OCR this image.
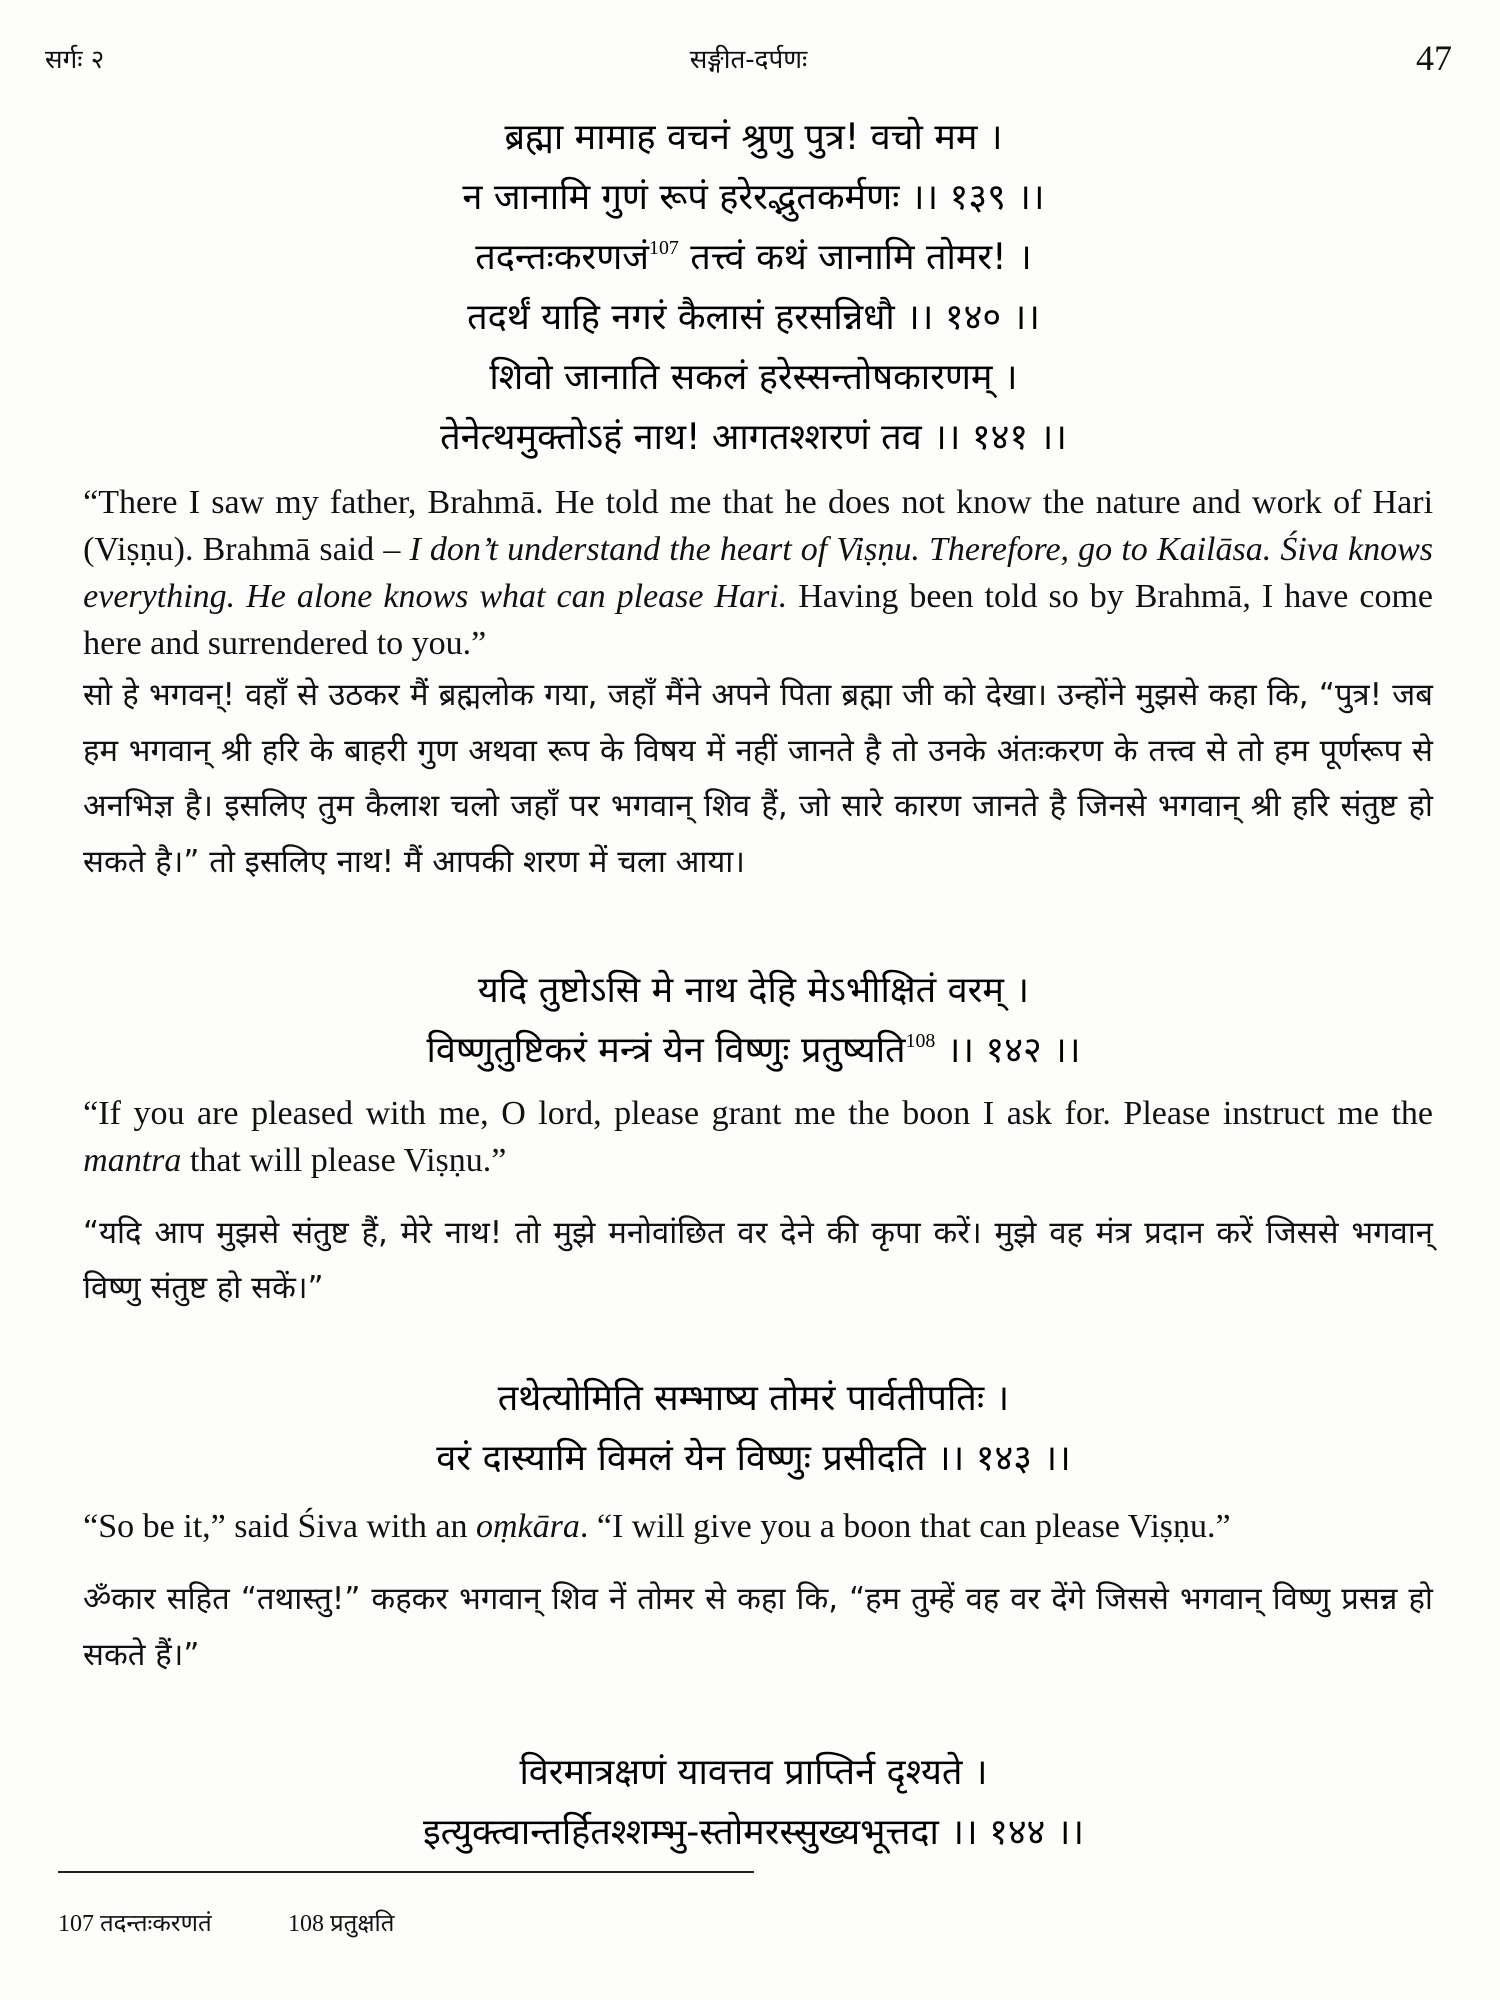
सर्गः २	सङ्गीत-दर्पणः	47
ब्रह्मा मामाह वचनं श्रुणु पुत्र! वचो मम ।
न जानामि गुणं रूपं हरेरद्भुतकर्मणः ।। १३९ ।।
तदन्तःकरणजं$^{107}$ तत्त्वं कथं जानामि तोमर! ।
तदर्थं याहि नगरं कैलासं हरसन्निधौ ।। १४० ।।
शिवो जानाति सकलं हरेस्सन्तोषकारणम् ।
तेनेत्थमुक्तोऽहं नाथ! आगतश्शरणं तव ।। १४१ ।।

“There I saw my father, Brahmā. He told me that he does not know the nature and work of Hari (Viṣṇu). Brahmā said – I don’t understand the heart of Viṣṇu. Therefore, go to Kailāsa. Śiva knows everything. He alone knows what can please Hari. Having been told so by Brahmā, I have come here and surrendered to you.”

सो हे भगवन्! वहाँ से उठकर मैं ब्रह्मलोक गया, जहाँ मैंने अपने पिता ब्रह्मा जी को देखा। उन्होंने मुझसे कहा कि, “पुत्र! जब हम भगवान् श्री हरि के बाहरी गुण अथवा रूप के विषय में नहीं जानते है तो उनके अंतःकरण के तत्त्व से तो हम पूर्णरूप से अनभिज्ञ है। इसलिए तुम कैलाश चलो जहाँ पर भगवान् शिव हैं, जो सारे कारण जानते है जिनसे भगवान् श्री हरि संतुष्ट हो सकते है।” तो इसलिए नाथ! मैं आपकी शरण में चला आया।

यदि तुष्टोऽसि मे नाथ देहि मेऽभीक्षितं वरम् ।
विष्णुतुष्टिकरं मन्त्रं येन विष्णुः प्रतुष्यति$^{108}$ ।। १४२ ।।

“If you are pleased with me, O lord, please grant me the boon I ask for. Please instruct me the mantra that will please Viṣṇu.”

“यदि आप मुझसे संतुष्ट हैं, मेरे नाथ! तो मुझे मनोवांछित वर देने की कृपा करें। मुझे वह मंत्र प्रदान करें जिससे भगवान् विष्णु संतुष्ट हो सकें।”

तथेत्योमिति सम्भाष्य तोमरं पार्वतीपतिः ।
वरं दास्यामि विमलं येन विष्णुः प्रसीदति ।। १४३ ।।

“So be it,” said Śiva with an oṃkāra. “I will give you a boon that can please Viṣṇu.”

ॐकार सहित “तथास्तु!” कहकर भगवान् शिव नें तोमर से कहा कि, “हम तुम्हें वह वर देंगे जिससे भगवान् विष्णु प्रसन्न हो सकते हैं।”

विरमात्रक्षणं यावत्तव प्राप्तिर्न दृश्यते ।
इत्युक्त्वान्तर्हितश्शम्भु-स्तोमरस्सुख्यभूत्तदा ।। १४४ ।।
107 तदन्तःकरणतं	108 प्रतुक्षति
